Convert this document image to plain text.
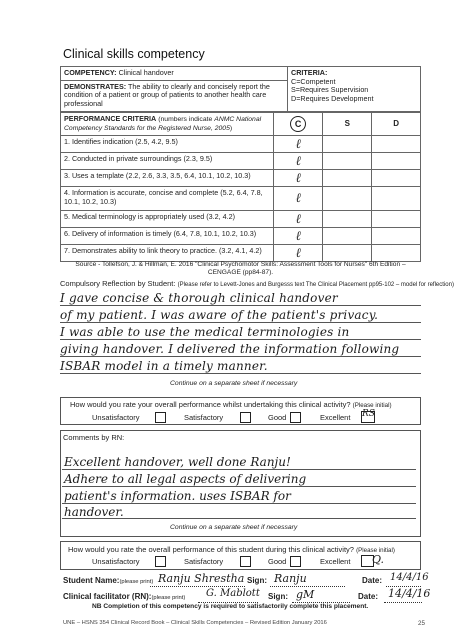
Clinical skills competency
COMPETENCY: Clinical handover	CRITERIA:
C=Competent
S=Requires Supervision
D=Requires Development

DEMONSTRATES: The ability to clearly and concisely report the condition of a patient or group of patients to another health care professional
PERFORMANCE CRITERIA (numbers indicate ANMC National Competency Standards for the Registered Nurse, 2005)	C	S	D
1. Identifies indication (2.5, 4.2, 9.5)	ℓ		
2. Conducted in private surroundings (2.3, 9.5)	ℓ		
3. Uses a template (2.2, 2.6, 3.3, 3.5, 6.4, 10.1, 10.2, 10.3)	ℓ		
4. Information is accurate, concise and complete (5.2, 6.4, 7.8, 10.1, 10.2, 10.3)	ℓ		
5. Medical terminology is appropriately used (3.2, 4.2)	ℓ		
6. Delivery of information is timely (6.4, 7.8, 10.1, 10.2, 10.3)	ℓ		
7. Demonstrates ability to link theory to practice. (3.2, 4.1, 4.2)	ℓ		
Source - Tollefson, J. & Hillman, E. 2016 "Clinical Psychomotor Skills: Assessment Tools for Nurses" 6th Edition – CENGAGE (pp84-87).
Compulsory Reflection by Student: (Please refer to Levett-Jones and Burgesss text The Clinical Placement pp95-102 – model for reflection)
I gave concise & thorough clinical handover
of my patient. I was aware of the patient's privacy.
I was able to use the medical terminologies in
giving handover. I delivered the information following
ISBAR model in a timely manner.
Continue on a separate sheet if necessary
How would you rate your overall performance whilst undertaking this clinical activity? (Please initial)
Unsatisfactory	Satisfactory	Good	Excellent RS
Comments by RN:
Excellent handover, well done Ranju!
Adhere to all legal aspects of delivering
patient's information. uses ISBAR for
handover.
Continue on a separate sheet if necessary
How would you rate the overall performance of this student during this clinical activity? (Please initial)
Unsatisfactory	Satisfactory	Good	Excellent Q.
Student Name:(please print) Ranju Shrestha Sign: Ranju	Date: 14/4/16
Clinical facilitator (RN):(please print) G. Mablott Sign: gM	Date: 14/4/16
NB Completion of this competency is required to satisfactorily complete this placement.
UNE – HSNS 354 Clinical Record Book – Clinical Skills Competencies – Revised Edition January 2016	25
